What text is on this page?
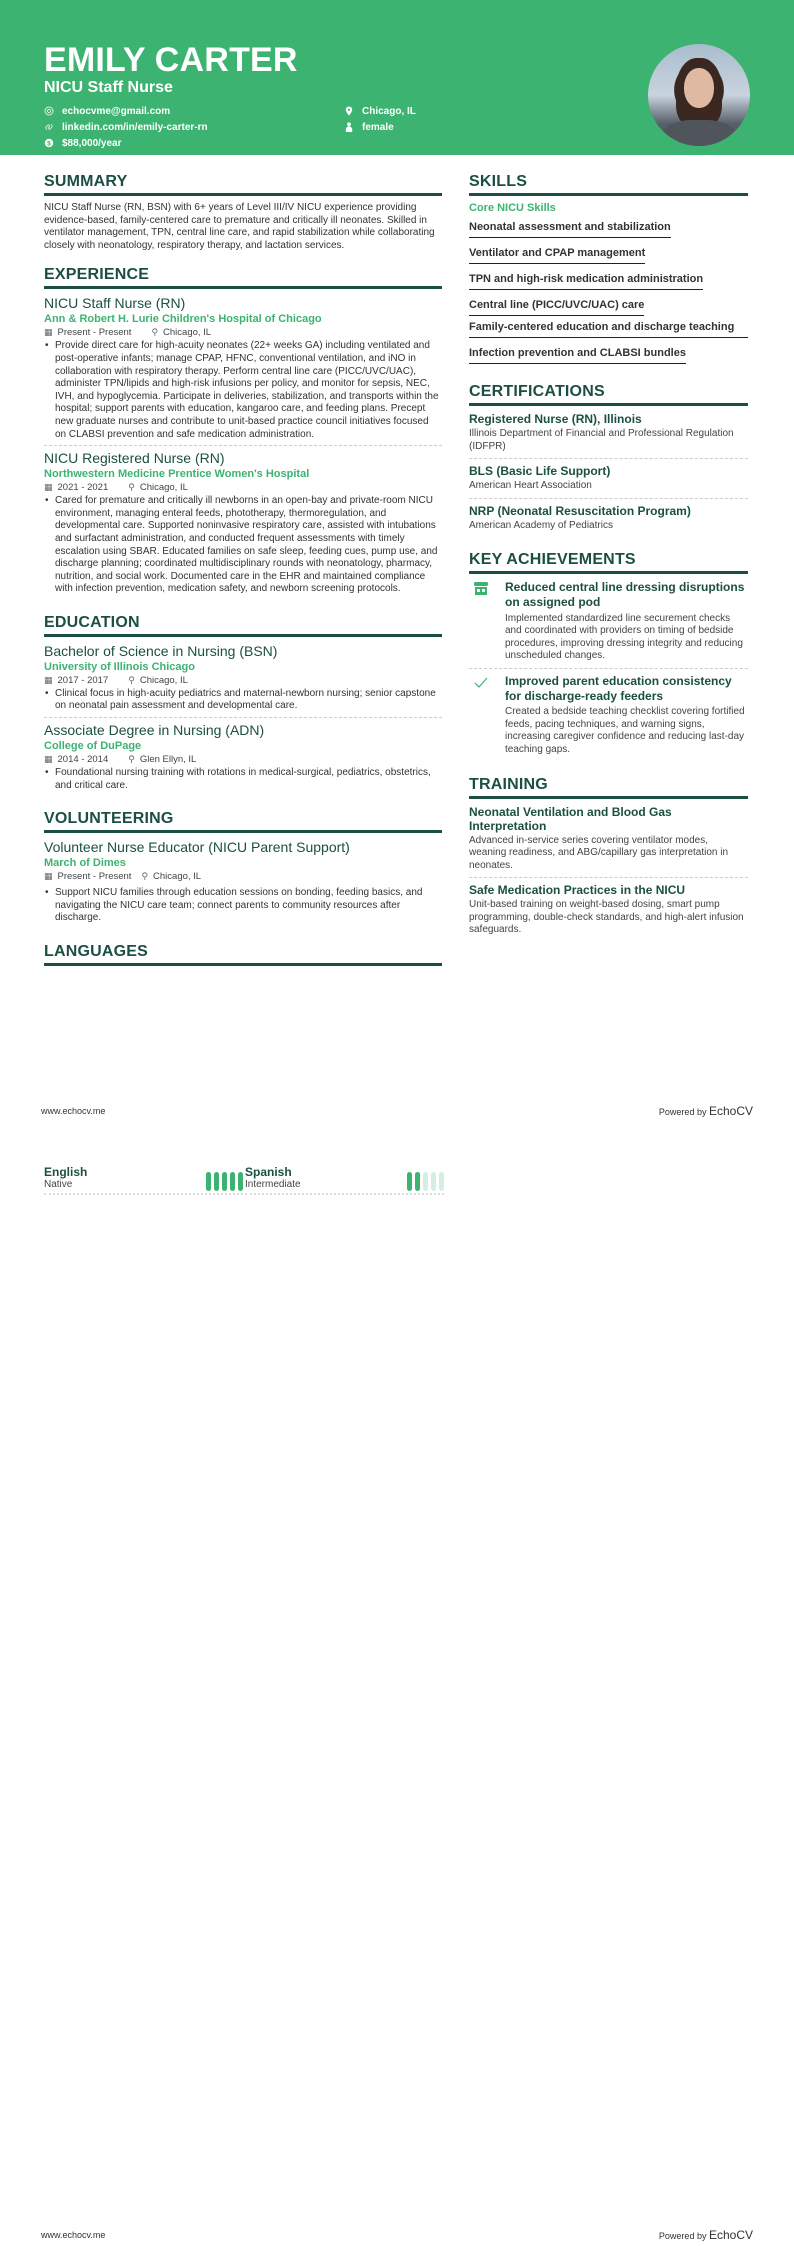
EMILY CARTER
NICU Staff Nurse
echocvme@gmail.com
linkedin.com/in/emily-carter-rn
$ $88,000/year
Chicago, IL
female
SUMMARY
NICU Staff Nurse (RN, BSN) with 6+ years of Level III/IV NICU experience providing evidence-based, family-centered care to premature and critically ill neonates. Skilled in ventilator management, TPN, central line care, and rapid stabilization while collaborating closely with neonatology, respiratory therapy, and lactation services.
EXPERIENCE
NICU Staff Nurse (RN)
Ann & Robert H. Lurie Children's Hospital of Chicago
▦ Present - Present ⚲ Chicago, IL
• Provide direct care for high-acuity neonates (22+ weeks GA) including ventilated and post-operative infants; manage CPAP, HFNC, conventional ventilation, and iNO in collaboration with respiratory therapy. Perform central line care (PICC/UVC/UAC), administer TPN/lipids and high-risk infusions per policy, and monitor for sepsis, NEC, IVH, and hypoglycemia. Participate in deliveries, stabilization, and transports within the hospital; support parents with education, kangaroo care, and feeding plans. Precept new graduate nurses and contribute to unit-based practice council initiatives focused on CLABSI prevention and safe medication administration.
NICU Registered Nurse (RN)
Northwestern Medicine Prentice Women's Hospital
▦ 2021 - 2021 ⚲ Chicago, IL
• Cared for premature and critically ill newborns in an open-bay and private-room NICU environment, managing enteral feeds, phototherapy, thermoregulation, and developmental care. Supported noninvasive respiratory care, assisted with intubations and surfactant administration, and conducted frequent assessments with timely escalation using SBAR. Educated families on safe sleep, feeding cues, pump use, and discharge planning; coordinated multidisciplinary rounds with neonatology, pharmacy, nutrition, and social work. Documented care in the EHR and maintained compliance with infection prevention, medication safety, and newborn screening protocols.
EDUCATION
Bachelor of Science in Nursing (BSN)
University of Illinois Chicago
▦ 2017 - 2017 ⚲ Chicago, IL
• Clinical focus in high-acuity pediatrics and maternal-newborn nursing; senior capstone on neonatal pain assessment and developmental care.
Associate Degree in Nursing (ADN)
College of DuPage
▦ 2014 - 2014 ⚲ Glen Ellyn, IL
• Foundational nursing training with rotations in medical-surgical, pediatrics, obstetrics, and critical care.
VOLUNTEERING
Volunteer Nurse Educator (NICU Parent Support)
March of Dimes
▦ Present - Present ⚲ Chicago, IL
• Support NICU families through education sessions on bonding, feeding basics, and navigating the NICU care team; connect parents to community resources after discharge.
LANGUAGES
SKILLS
Core NICU Skills
Neonatal assessment and stabilization
Ventilator and CPAP management
TPN and high-risk medication administration
Central line (PICC/UVC/UAC) care
Family-centered education and discharge teaching
Infection prevention and CLABSI bundles
CERTIFICATIONS
Registered Nurse (RN), Illinois
Illinois Department of Financial and Professional Regulation (IDFPR)
BLS (Basic Life Support)
American Heart Association
NRP (Neonatal Resuscitation Program)
American Academy of Pediatrics
KEY ACHIEVEMENTS
Reduced central line dressing disruptions on assigned pod
Implemented standardized line securement checks and coordinated with providers on timing of bedside procedures, improving dressing integrity and reducing unscheduled changes.
Improved parent education consistency for discharge-ready feeders
Created a bedside teaching checklist covering fortified feeds, pacing techniques, and warning signs, increasing caregiver confidence and reducing last-day teaching gaps.
TRAINING
Neonatal Ventilation and Blood Gas Interpretation
Advanced in-service series covering ventilator modes, weaning readiness, and ABG/capillary gas interpretation in neonates.
Safe Medication Practices in the NICU
Unit-based training on weight-based dosing, smart pump programming, double-check standards, and high-alert infusion safeguards.
www.echocv.me	Powered by EchoCV
English
Native
Spanish
Intermediate
www.echocv.me	Powered by EchoCV
